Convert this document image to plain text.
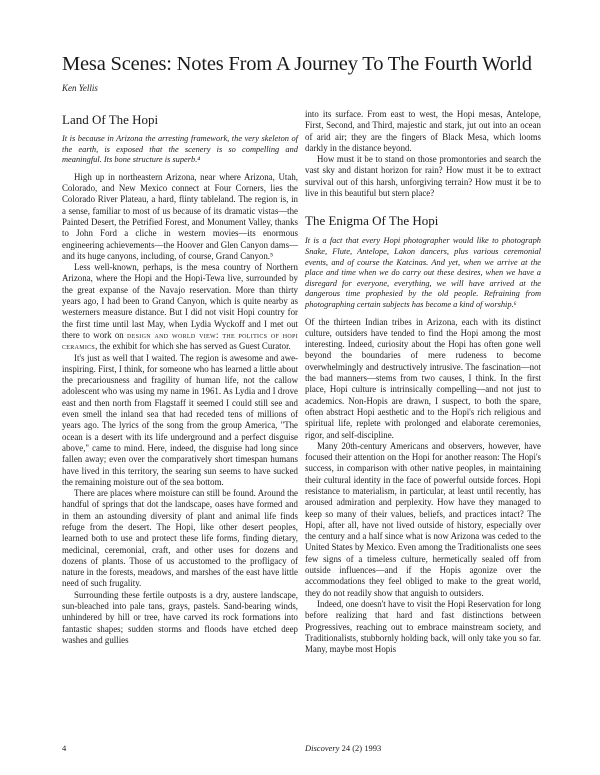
Mesa Scenes: Notes From A Journey To The Fourth World
Ken Yellis
Land Of The Hopi

It is because in Arizona the arresting framework, the very skeleton of the earth, is exposed that the scenery is so compelling and meaningful. Its bone structure is superb.⁴

High up in northeastern Arizona, near where Arizona, Utah, Colorado, and New Mexico connect at Four Corners, lies the Colorado River Plateau, a hard, flinty tableland. The region is, in a sense, familiar to most of us because of its dramatic vistas—the Painted Desert, the Petrified Forest, and Monument Valley, thanks to John Ford a cliche in western movies—its enormous engineering achievements—the Hoover and Glen Canyon dams—and its huge canyons, including, of course, Grand Canyon.⁵

Less well-known, perhaps, is the mesa country of Northern Arizona, where the Hopi and the Hopi-Tewa live, surrounded by the great expanse of the Navajo reservation. More than thirty years ago, I had been to Grand Canyon, which is quite nearby as westerners measure distance. But I did not visit Hopi country for the first time until last May, when Lydia Wyckoff and I met out there to work on design and world view: the politics of hopi ceramics, the exhibit for which she has served as Guest Curator.

It's just as well that I waited. The region is awesome and awe-inspiring. First, I think, for someone who has learned a little about the precariousness and fragility of human life, not the callow adolescent who was using my name in 1961. As Lydia and I drove east and then north from Flagstaff it seemed I could still see and even smell the inland sea that had receded tens of millions of years ago. The lyrics of the song from the group America, "The ocean is a desert with its life underground and a perfect disguise above," came to mind. Here, indeed, the disguise had long since fallen away; even over the comparatively short timespan humans have lived in this territory, the searing sun seems to have sucked the remaining moisture out of the sea bottom.

There are places where moisture can still be found. Around the handful of springs that dot the landscape, oases have formed and in them an astounding diversity of plant and animal life finds refuge from the desert. The Hopi, like other desert peoples, learned both to use and protect these life forms, finding dietary, medicinal, ceremonial, craft, and other uses for dozens and dozens of plants. Those of us accustomed to the profligacy of nature in the forests, meadows, and marshes of the east have little need of such frugality.

Surrounding these fertile outposts is a dry, austere landscape, sun-bleached into pale tans, grays, pastels. Sand-bearing winds, unhindered by hill or tree, have carved its rock formations into fantastic shapes; sudden storms and floods have etched deep washes and gullies

into its surface. From east to west, the Hopi mesas, Antelope, First, Second, and Third, majestic and stark, jut out into an ocean of arid air; they are the fingers of Black Mesa, which looms darkly in the distance beyond.

How must it be to stand on those promontories and search the vast sky and distant horizon for rain? How must it be to extract survival out of this harsh, unforgiving terrain? How must it be to live in this beautiful but stern place?

The Enigma Of The Hopi

It is a fact that every Hopi photographer would like to photograph Snake, Flute, Antelope, Lakon dancers, plus various ceremonial events, and of course the Katcinas. And yet, when we arrive at the place and time when we do carry out these desires, when we have a disregard for everyone, everything, we will have arrived at the dangerous time prophesied by the old people. Refraining from photographing certain subjects has become a kind of worship.⁶

Of the thirteen Indian tribes in Arizona, each with its distinct culture, outsiders have tended to find the Hopi among the most interesting. Indeed, curiosity about the Hopi has often gone well beyond the boundaries of mere rudeness to become overwhelmingly and destructively intrusive. The fascination—not the bad manners—stems from two causes, I think. In the first place, Hopi culture is intrinsically compelling—and not just to academics. Non-Hopis are drawn, I suspect, to both the spare, often abstract Hopi aesthetic and to the Hopi's rich religious and spiritual life, replete with prolonged and elaborate ceremonies, rigor, and self-discipline.

Many 20th-century Americans and observers, however, have focused their attention on the Hopi for another reason: The Hopi's success, in comparison with other native peoples, in maintaining their cultural identity in the face of powerful outside forces. Hopi resistance to materialism, in particular, at least until recently, has aroused admiration and perplexity. How have they managed to keep so many of their values, beliefs, and practices intact? The Hopi, after all, have not lived outside of history, especially over the century and a half since what is now Arizona was ceded to the United States by Mexico. Even among the Traditionalists one sees few signs of a timeless culture, hermetically sealed off from outside influences—and if the Hopis agonize over the accommodations they feel obliged to make to the great world, they do not readily show that anguish to outsiders.

Indeed, one doesn't have to visit the Hopi Reservation for long before realizing that hard and fast distinctions between Progressives, reaching out to embrace mainstream society, and Traditionalists, stubbornly holding back, will only take you so far. Many, maybe most Hopis

4	Discovery 24 (2) 1993
